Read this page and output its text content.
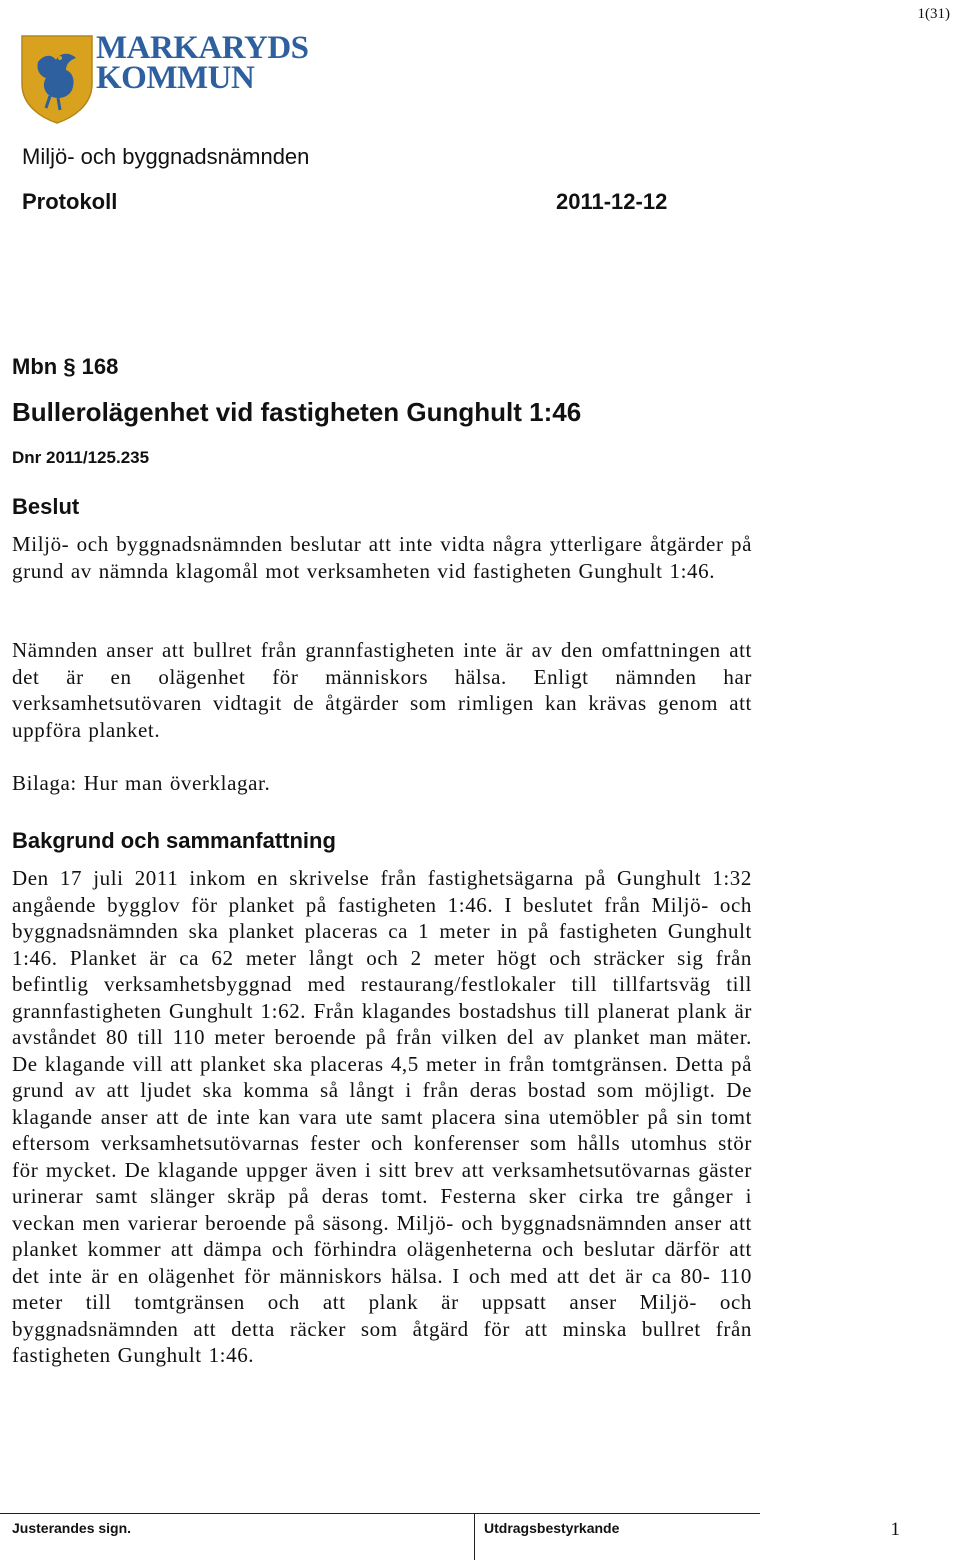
1(31)
MARKARYDS
KOMMUN
Miljö- och byggnadsnämnden
Protokoll	2011-12-12
Mbn § 168
Bullerolägenhet vid fastigheten Gunghult 1:46
Dnr 2011/125.235
Beslut

Miljö- och byggnadsnämnden beslutar att inte vidta några ytterligare åtgärder på grund av nämnda klagomål mot verksamheten vid fastigheten Gunghult 1:46.

Nämnden anser att bullret från grannfastigheten inte är av den omfattningen att det är en olägenhet för människors hälsa. Enligt nämnden har verksamhetsutövaren vidtagit de åtgärder som rimligen kan krävas genom att uppföra planket.

Bilaga: Hur man överklagar.

Bakgrund och sammanfattning

Den 17 juli 2011 inkom en skrivelse från fastighetsägarna på Gunghult 1:32 angående bygglov för planket på fastigheten 1:46. I beslutet från Miljö- och byggnadsnämnden ska planket placeras ca 1 meter in på fastigheten Gunghult 1:46. Planket är ca 62 meter långt och 2 meter högt och sträcker sig från befintlig verksamhetsbyggnad med restaurang/festlokaler till tillfartsväg till grannfastigheten Gunghult 1:62. Från klagandes bostadshus till planerat plank är avståndet 80 till 110 meter beroende på från vilken del av planket man mäter. De klagande vill att planket ska placeras 4,5 meter in från tomtgränsen. Detta på grund av att ljudet ska komma så långt i från deras bostad som möjligt. De klagande anser att de inte kan vara ute samt placera sina utemöbler på sin tomt eftersom verksamhetsutövarnas fester och konferenser som hålls utomhus stör för mycket. De klagande uppger även i sitt brev att verksamhetsutövarnas gäster urinerar samt slänger skräp på deras tomt. Festerna sker cirka tre gånger i veckan men varierar beroende på säsong. Miljö- och byggnadsnämnden anser att planket kommer att dämpa och förhindra olägenheterna och beslutar därför att det inte är en olägenhet för människors hälsa. I och med att det är ca 80- 110 meter till tomtgränsen och att plank är uppsatt anser Miljö- och byggnadsnämnden att detta räcker som åtgärd för att minska bullret från fastigheten Gunghult 1:46.

Justerandes sign.	Utdragsbestyrkande	1
